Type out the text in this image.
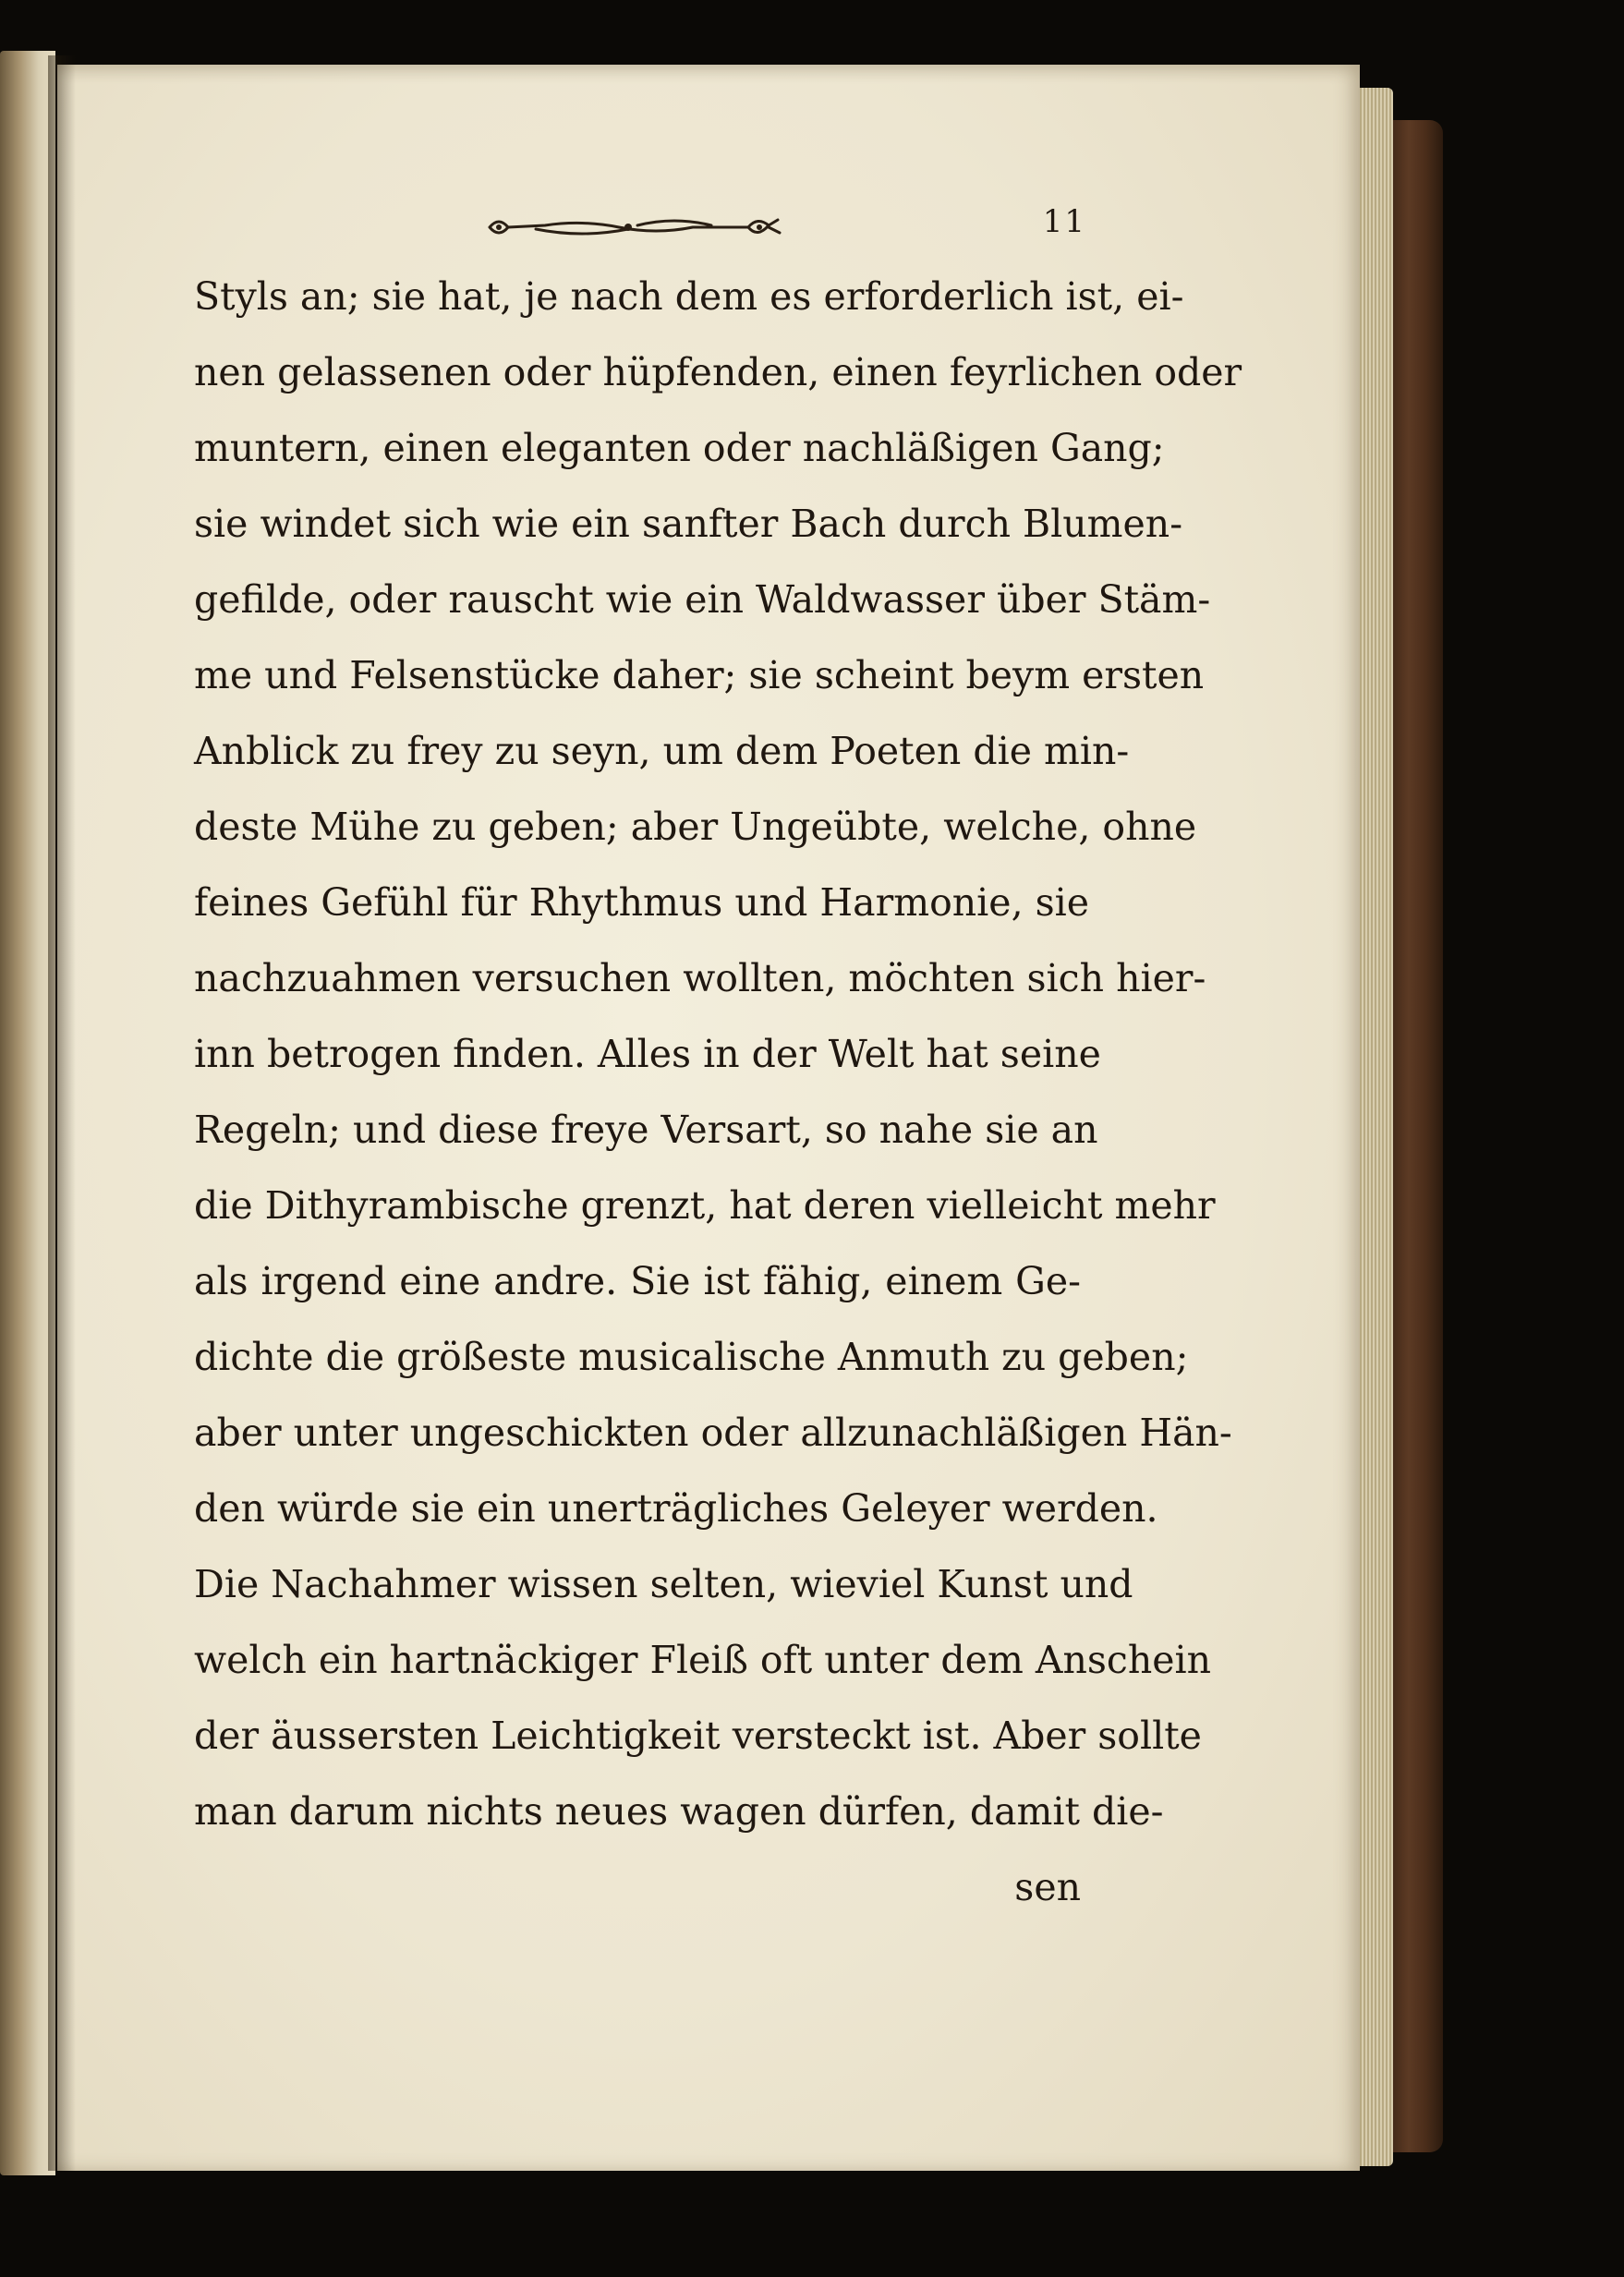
11
Styls an; sie hat, je nach dem es erforderlich ist, ei-
nen gelassenen oder hüpfenden, einen feyrlichen oder
muntern, einen eleganten oder nachläßigen Gang;
sie windet sich wie ein sanfter Bach durch Blumen-
gefilde, oder rauscht wie ein Waldwasser über Stäm-
me und Felsenstücke daher; sie scheint beym ersten
Anblick zu frey zu seyn, um dem Poeten die min-
deste Mühe zu geben; aber Ungeübte, welche, ohne
feines Gefühl für Rhythmus und Harmonie, sie
nachzuahmen versuchen wollten, möchten sich hier-
inn betrogen finden. Alles in der Welt hat seine
Regeln; und diese freye Versart, so nahe sie an
die Dithyrambische grenzt, hat deren vielleicht mehr
als irgend eine andre. Sie ist fähig, einem Ge-
dichte die größeste musicalische Anmuth zu geben;
aber unter ungeschickten oder allzunachläßigen Hän-
den würde sie ein unerträgliches Geleyer werden.
Die Nachahmer wissen selten, wieviel Kunst und
welch ein hartnäckiger Fleiß oft unter dem Anschein
der äussersten Leichtigkeit versteckt ist. Aber sollte
man darum nichts neues wagen dürfen, damit die-
sen
